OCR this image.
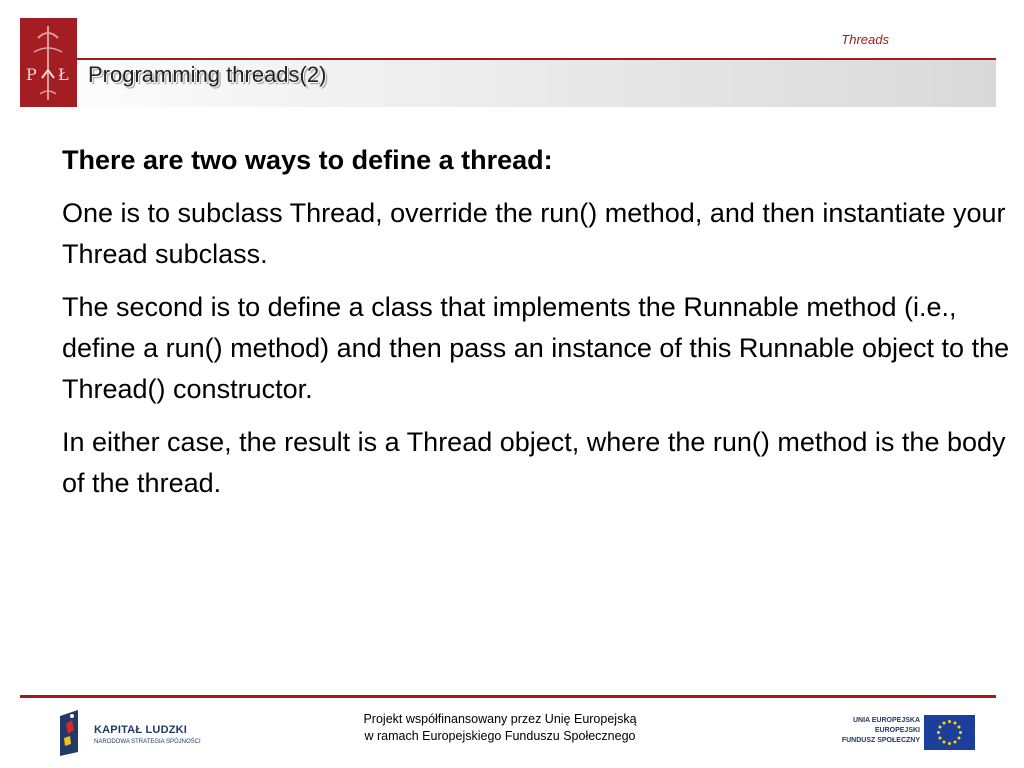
Threads
P Ł Programming threads(2)
There are two ways to define a thread:

One is to subclass Thread, override the run() method, and then instantiate your Thread subclass.

The second is to define a class that implements the Runnable method (i.e., define a run() method) and then pass an instance of this Runnable object to the Thread() constructor.

In either case, the result is a Thread object, where the run() method is the body of the thread.

KAPITAŁ LUDZKI
NARODOWA STRATEGIA SPÓJNOŚCI
Projekt współfinansowany przez Unię Europejską
w ramach Europejskiego Funduszu Społecznego
UNIA EUROPEJSKA
EUROPEJSKI
FUNDUSZ SPOŁECZNY
